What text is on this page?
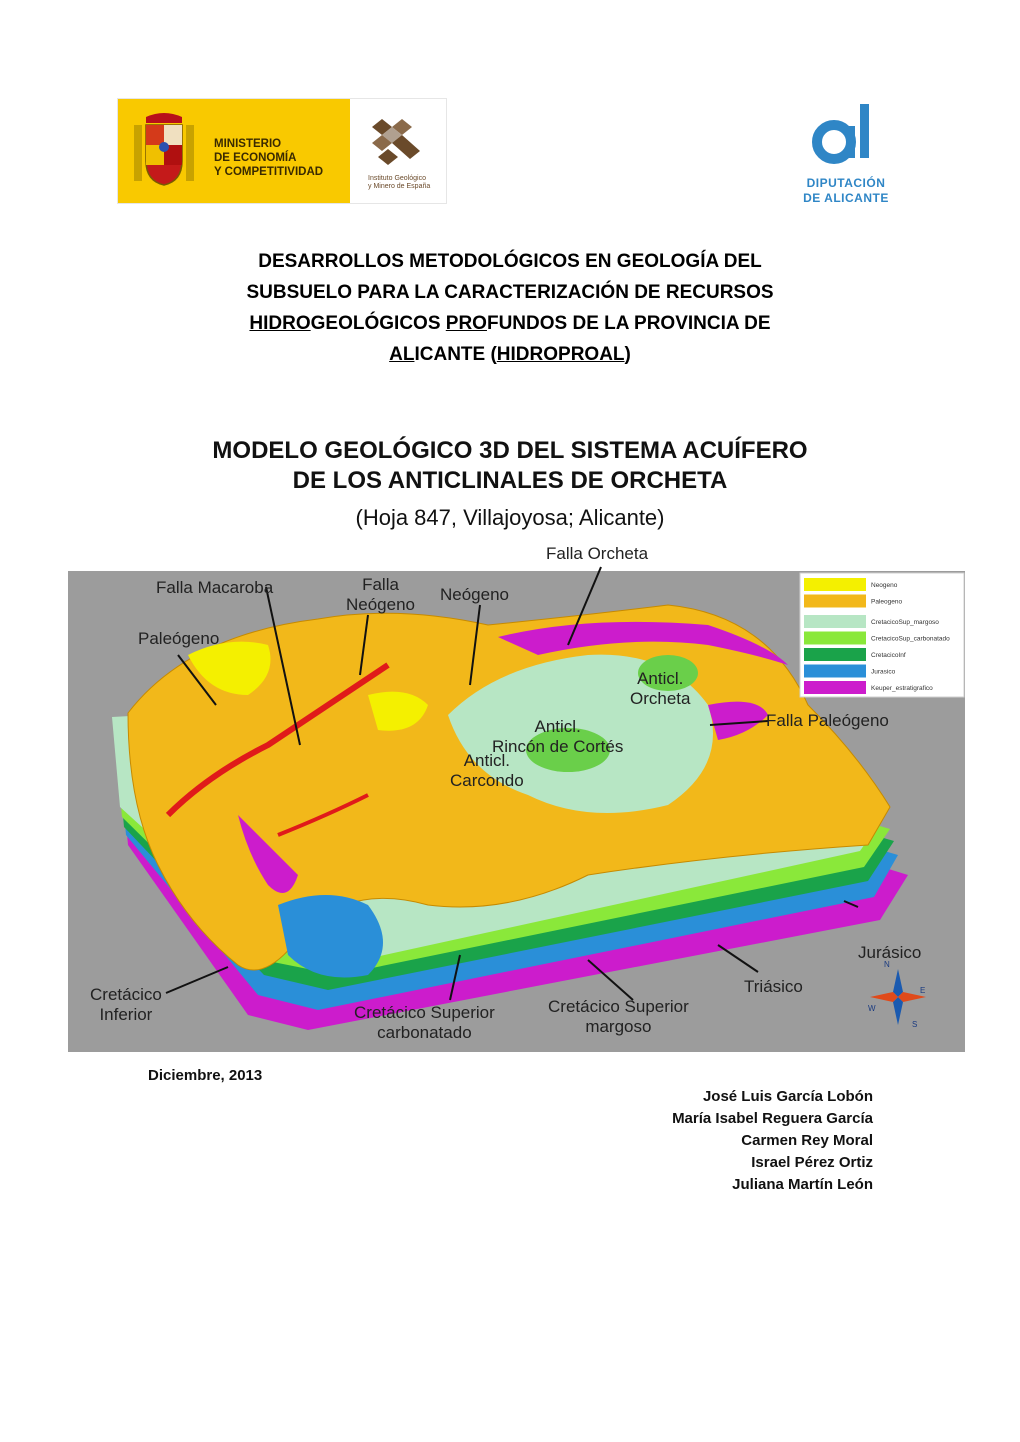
MINISTERIO
DE ECONOMÍA
Y COMPETITIVIDAD
Instituto Geológico
y Minero de España	DIPUTACIÓN
DE ALICANTE
DESARROLLOS METODOLÓGICOS EN GEOLOGÍA DEL
SUBSUELO PARA LA CARACTERIZACIÓN DE RECURSOS
HIDROGEOLÓGICOS PROFUNDOS DE LA PROVINCIA DE
ALICANTE (HIDROPROAL)
MODELO GEOLÓGICO 3D DEL SISTEMA ACUÍFERO
DE LOS ANTICLINALES DE ORCHETA
(Hoja 847, Villajoyosa; Alicante)
Neogeno
Paleogeno
CretacicoSup_margoso
CretacicoSup_carbonatado
CretacicoInf
Jurasico
Keuper_estratigrafico
N
E
S
W
Falla Orcheta
Falla Macaroba	Falla
Neógeno
Neógeno
Paleógeno
Anticl.
Orcheta
Anticl.
Rincón de Cortés
Falla Paleógeno
Anticl.
Carcondo
Jurásico
Triásico
Cretácico
Inferior	Cretácico Superior
carbonatado
Cretácico Superior
margoso
Diciembre, 2013
José Luis García Lobón
María Isabel Reguera García
Carmen Rey Moral
Israel Pérez Ortiz
Juliana Martín León
